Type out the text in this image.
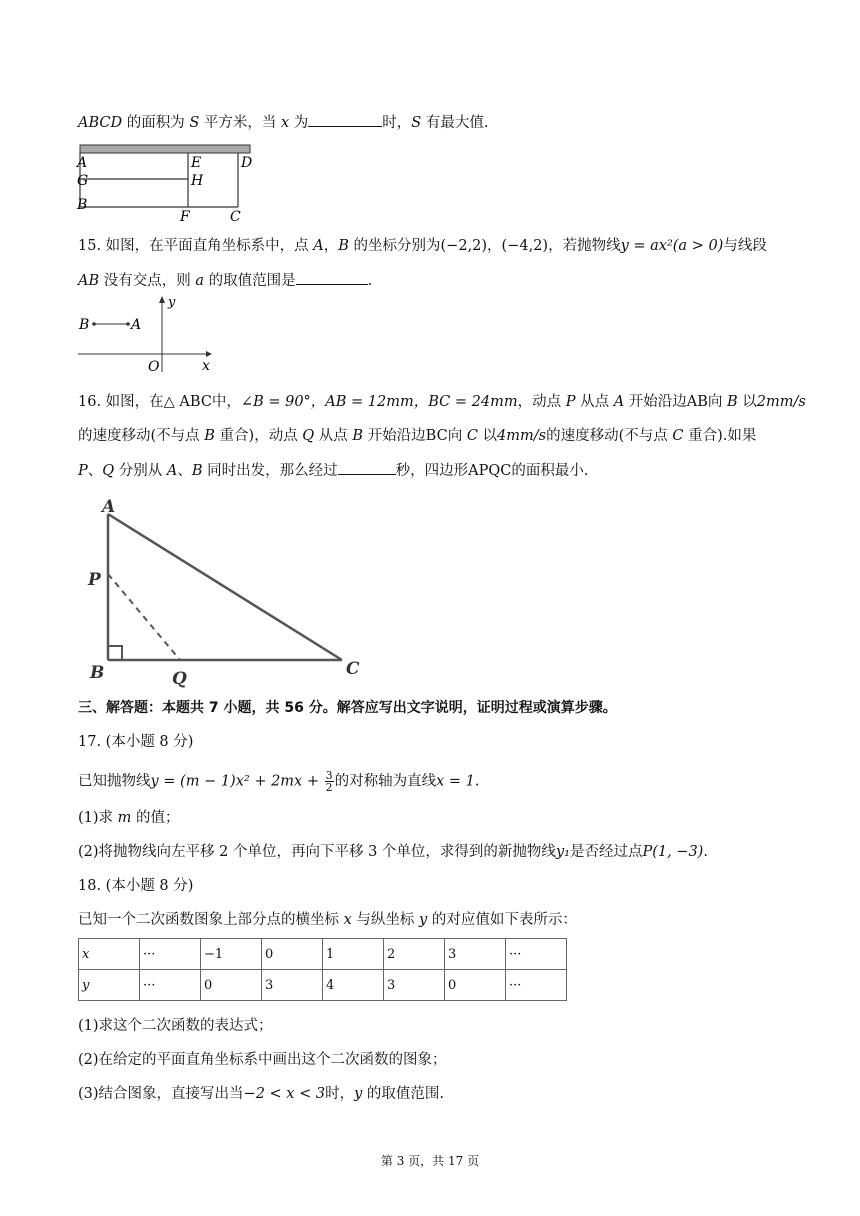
ABCD 的面积为 S 平方米，当 x 为	时，S 有最大值.
A	E	D
G	H
B
F	C
15. 如图，在平面直角坐标系中，点 A，B 的坐标分别为(−2,2)，(−4,2)，若抛物线y = ax²(a > 0)与线段
AB 没有交点，则 a 的取值范围是	.
B	A
O	x
y
16. 如图，在△ ABC中，∠B = 90°，AB = 12mm，BC = 24mm，动点 P 从点 A 开始沿边AB向 B 以2mm/s
的速度移动(不与点 B 重合)，动点 Q 从点 B 开始沿边BC向 C 以4mm/s的速度移动(不与点 C 重合).如果
P、Q 分别从 A、B 同时出发，那么经过	秒，四边形APQC的面积最小.
A
P
B	Q	C
三、解答题：本题共 7 小题，共 56 分。解答应写出文字说明，证明过程或演算步骤。
17. (本小题 8 分)
已知抛物线$y = (m - 1)x^2 + 2mx + \frac{3}{2}$ 的对称轴为直线x = 1.
(1)求 m 的值；
(2)将抛物线向左平移 2 个单位，再向下平移 3 个单位，求得到的新抛物线y₁是否经过点P(1, −3).
18. (本小题 8 分)
已知一个二次函数图象上部分点的横坐标 x 与纵坐标 y 的对应值如下表所示：
x	···	−1	0	1	2	3	···
y	···	0	3	4	3	0	···
(1)求这个二次函数的表达式；
(2)在给定的平面直角坐标系中画出这个二次函数的图象；
(3)结合图象，直接写出当−2 < x < 3时，y 的取值范围.
第 3 页，共 17 页
